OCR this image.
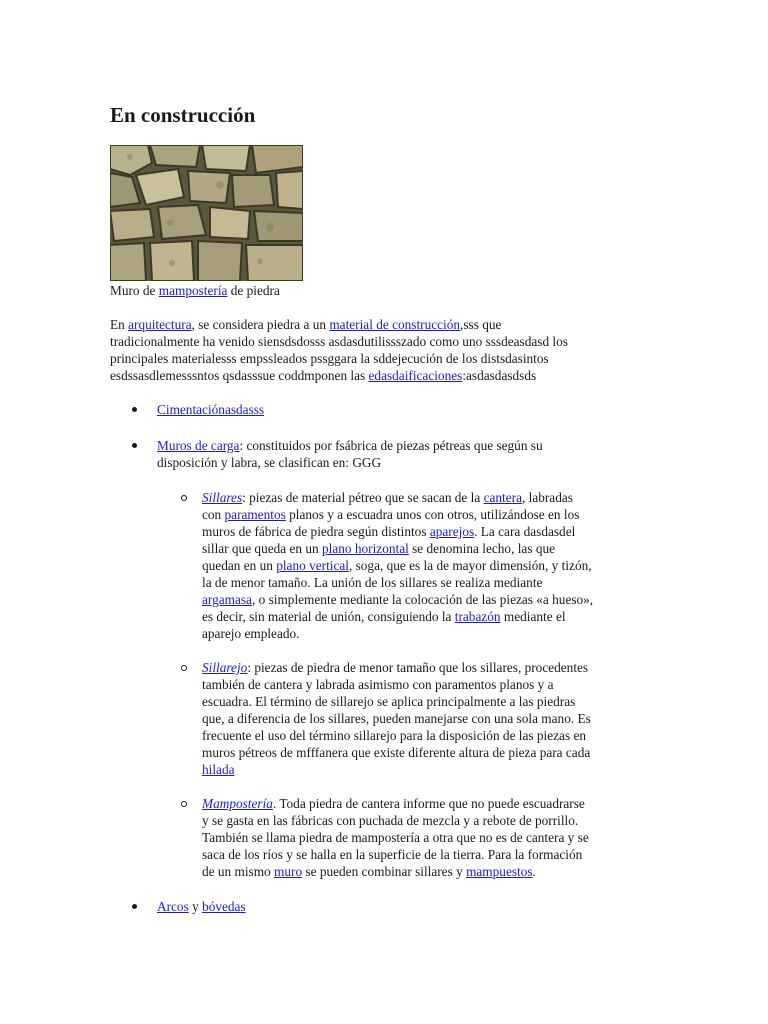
En construcción
Muro de mampostería de piedra
En arquitectura, se considera piedra a un material de construcción,sss que
tradicionalmente ha venido siensdsdosss asdasdutilissszado como uno sssdeasdasd los
principales materialesss empssleados pssggara la sddejecución de los distsdasintos
esdssasdlemesssntos qsdasssue coddmponen las edasdaificaciones:asdasdasdsds
Cimentaciónasdasss
Muros de carga: constituidos por fsábrica de piezas pétreas que según su
disposición y labra, se clasifican en: GGG
Sillares: piezas de material pétreo que se sacan de la cantera, labradas
con paramentos planos y a escuadra unos con otros, utilizándose en los
muros de fábrica de piedra según distintos aparejos. La cara dasdasdel
sillar que queda en un plano horizontal se denomina lecho, las que
quedan en un plano vertical, soga, que es la de mayor dimensión, y tizón,
la de menor tamaño. La unión de los sillares se realiza mediante
argamasa, o simplemente mediante la colocación de las piezas «a hueso»,
es decir, sin material de unión, consiguiendo la trabazón mediante el
aparejo empleado.
Sillarejo: piezas de piedra de menor tamaño que los sillares, procedentes
también de cantera y labrada asimismo con paramentos planos y a
escuadra. El término de sillarejo se aplica principalmente a las piedras
que, a diferencia de los sillares, pueden manejarse con una sola mano. Es
frecuente el uso del término sillarejo para la disposición de las piezas en
muros pétreos de mfffanera que existe diferente altura de pieza para cada
hilada
Mampostería. Toda piedra de cantera informe que no puede escuadrarse
y se gasta en las fábricas con puchada de mezcla y a rebote de porrillo.
También se llama piedra de mampostería a otra que no es de cantera y se
saca de los ríos y se halla en la superficie de la tierra. Para la formación
de un mismo muro se pueden combinar sillares y mampuestos.
Arcos y bóvedas
